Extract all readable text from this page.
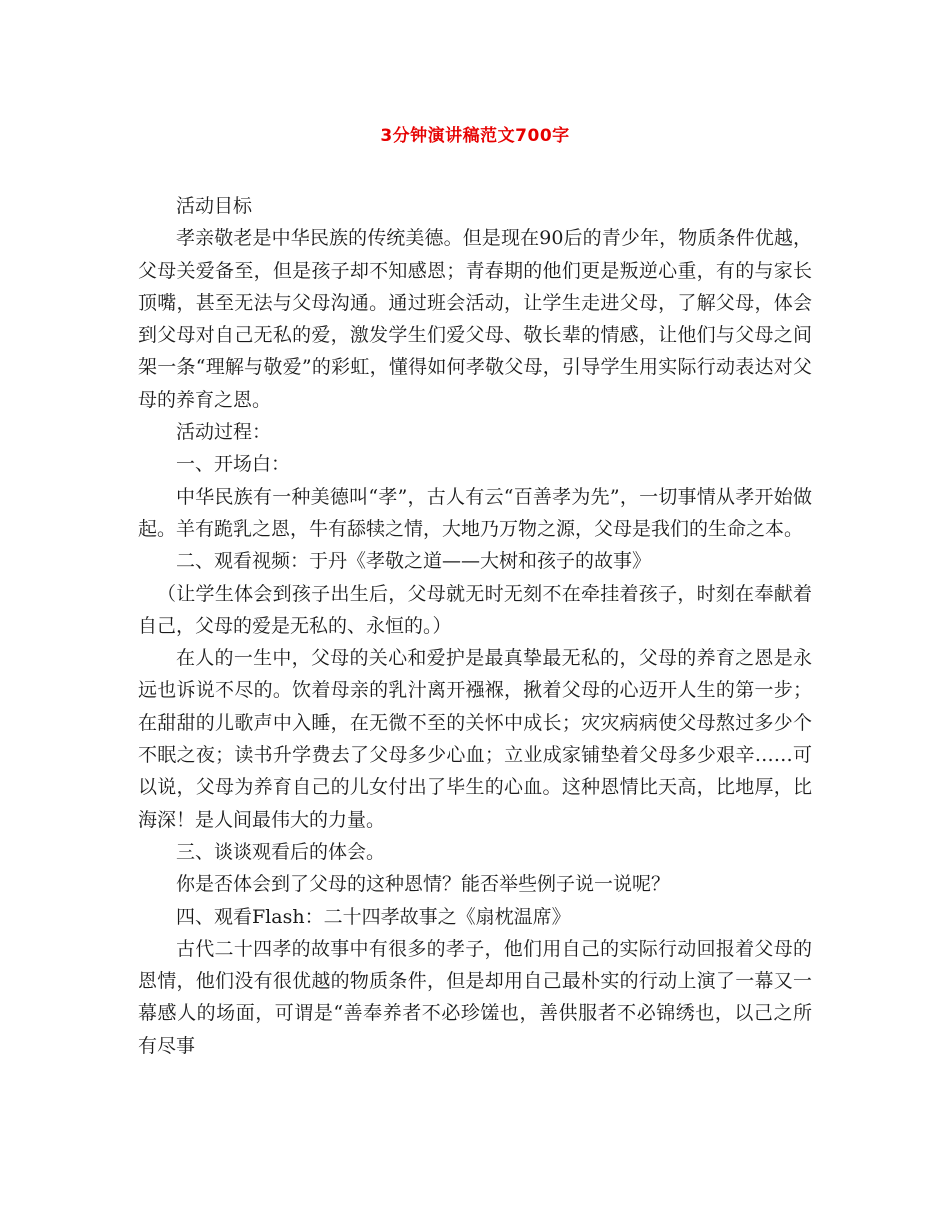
3分钟演讲稿范文700字

活动目标

孝亲敬老是中华民族的传统美德。但是现在90后的青少年，物质条件优越，父母关爱备至，但是孩子却不知感恩；青春期的他们更是叛逆心重，有的与家长顶嘴，甚至无法与父母沟通。通过班会活动，让学生走进父母，了解父母，体会到父母对自己无私的爱，激发学生们爱父母、敬长辈的情感，让他们与父母之间架一条“理解与敬爱”的彩虹，懂得如何孝敬父母，引导学生用实际行动表达对父母的养育之恩。

活动过程：

一、开场白：

中华民族有一种美德叫“孝”，古人有云“百善孝为先”，一切事情从孝开始做起。羊有跪乳之恩，牛有舔犊之情，大地乃万物之源，父母是我们的生命之本。

二、观看视频：于丹《孝敬之道——大树和孩子的故事》

（让学生体会到孩子出生后，父母就无时无刻不在牵挂着孩子，时刻在奉献着自己，父母的爱是无私的、永恒的。）

在人的一生中，父母的关心和爱护是最真挚最无私的，父母的养育之恩是永远也诉说不尽的。饮着母亲的乳汁离开襁褓，揪着父母的心迈开人生的第一步；在甜甜的儿歌声中入睡，在无微不至的关怀中成长；灾灾病病使父母熬过多少个不眠之夜；读书升学费去了父母多少心血；立业成家铺垫着父母多少艰辛……可以说，父母为养育自己的儿女付出了毕生的心血。这种恩情比天高，比地厚，比海深！是人间最伟大的力量。

三、谈谈观看后的体会。

你是否体会到了父母的这种恩情？能否举些例子说一说呢？

四、观看Flash：二十四孝故事之《扇枕温席》

古代二十四孝的故事中有很多的孝子，他们用自己的实际行动回报着父母的恩情，他们没有很优越的物质条件，但是却用自己最朴实的行动上演了一幕又一幕感人的场面，可谓是“善奉养者不必珍馐也，善供服者不必锦绣也，以己之所有尽事
